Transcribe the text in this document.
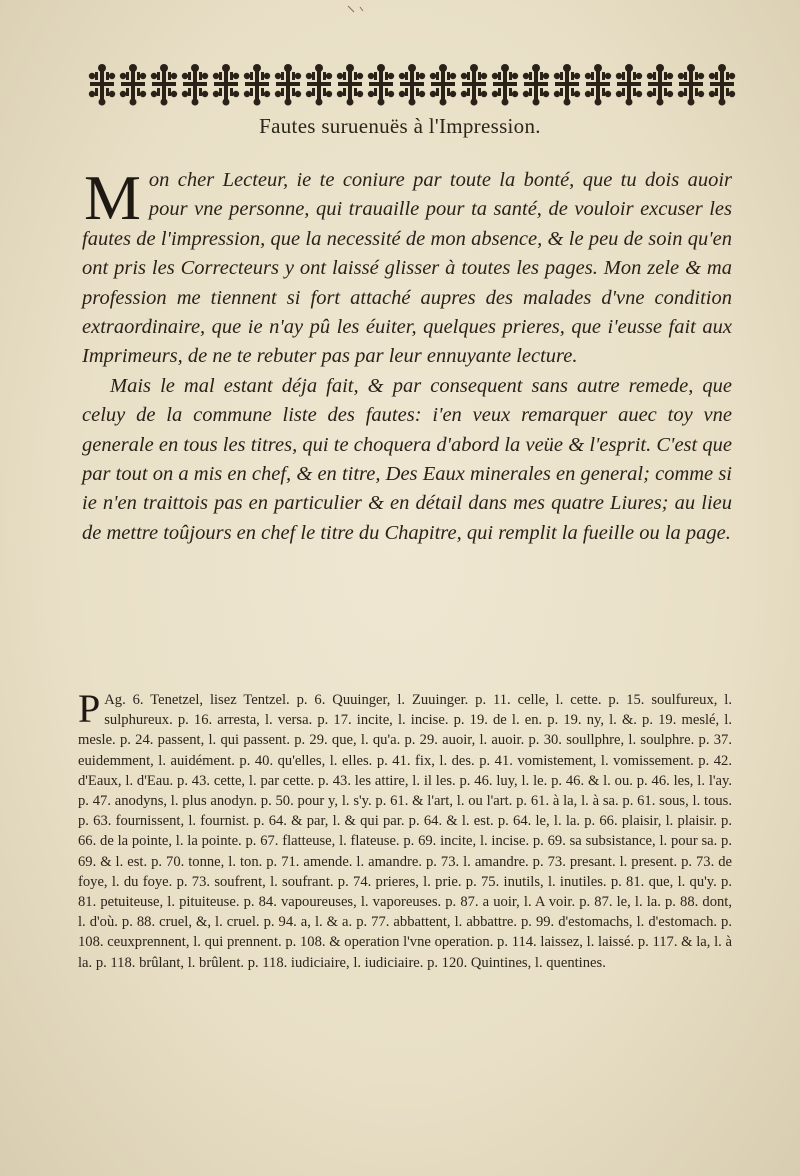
Fautes suruenuës à l'Impression.

Mon cher Lecteur, ie te coniure par toute la bonté, que tu dois auoir pour vne personne, qui trauaille pour ta santé, de vouloir excuser les fautes de l'impression, que la necessité de mon absence, & le peu de soin qu'en ont pris les Correcteurs y ont laissé glisser à toutes les pages. Mon zele & ma profession me tiennent si fort attaché aupres des malades d'vne condition extraordinaire, que ie n'ay pû les éuiter, quelques prieres, que i'eusse fait aux Imprimeurs, de ne te rebuter pas par leur ennuyante lecture.

Mais le mal estant déja fait, & par consequent sans autre remede, que celuy de la commune liste des fautes: i'en veux remarquer auec toy vne generale en tous les titres, qui te choquera d'abord la veüe & l'esprit. C'est que par tout on a mis en chef, & en titre, Des Eaux minerales en general; comme si ie n'en traittois pas en particulier & en détail dans mes quatre Liures; au lieu de mettre toûjours en chef le titre du Chapitre, qui remplit la fueille ou la page.

P Ag. 6. Tenetzel, lisez Tentzel. p. 6. Quuinger, l. Zuuinger. p. 11. celle, l. cette. p. 15. soulfureux, l. sulphureux. p. 16. arresta, l. versa. p. 17. incite, l. incise. p. 19. de l. en. p. 19. ny, l. &. p. 19. meslé, l. mesle. p. 24. passent, l. qui passent. p. 29. que, l. qu'a. p. 29. auoir, l. auoir. p. 30. soullphre, l. soulphre. p. 37. euidemment, l. auidément. p. 40. qu'elles, l. elles. p. 41. fix, l. des. p. 41. vomistement, l. vomissement. p. 42. d'Eaux, l. d'Eau. p. 43. cette, l. par cette. p. 43. les attire, l. il les. p. 46. luy, l. le. p. 46. & l. ou. p. 46. les, l. l'ay. p. 47. anodyns, l. plus anodyn. p. 50. pour y, l. s'y. p. 61. & l'art, l. ou l'art. p. 61. à la, l. à sa. p. 61. sous, l. tous. p. 63. fournissent, l. fournist. p. 64. & par, l. & qui par. p. 64. & l. est. p. 64. le, l. la. p. 66. plaisir, l. plaisir. p. 66. de la pointe, l. la pointe. p. 67. flatteuse, l. flateuse. p. 69. incite, l. incise. p. 69. sa subsistance, l. pour sa. p. 69. & l. est. p. 70. tonne, l. ton. p. 71. amende. l. amandre. p. 73. l. amandre. p. 73. presant. l. present. p. 73. de foye, l. du foye. p. 73. soufrent, l. soufrant. p. 74. prieres, l. prie. p. 75. inutils, l. inutiles. p. 81. que, l. qu'y. p. 81. petuiteuse, l. pituiteuse. p. 84. vapoureuses, l. vaporeuses. p. 87. a uoir, l. A voir. p. 87. le, l. la. p. 88. dont, l. d'où. p. 88. cruel, &, l. cruel. p. 94. a, l. & a. p. 77. abbattent, l. abbattre. p. 99. d'estomachs, l. d'estomach. p. 108. ceuxprennent, l. qui prennent. p. 108. & operation l'vne operation. p. 114. laissez, l. laissé. p. 117. & la, l. à la. p. 118. brûlant, l. brûlent. p. 118. iudiciaire, l. iudiciaire. p. 120. Quintines, l. quentines.
